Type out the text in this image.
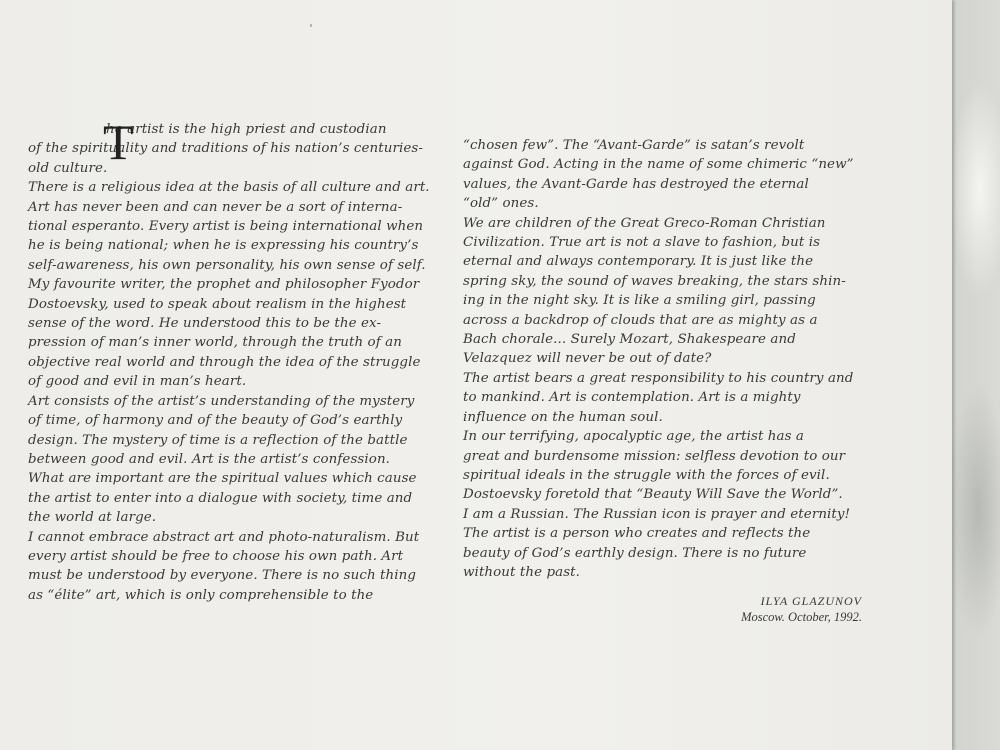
T
he artist is the high priest and custodian
of the spirituality and traditions of his nation’s centuries-
old culture.
There is a religious idea at the basis of all culture and art.
Art has never been and can never be a sort of interna-
tional esperanto. Every artist is being international when
he is being national; when he is expressing his country’s
self-awareness, his own personality, his own sense of self.
My favourite writer, the prophet and philosopher Fyodor
Dostoevsky, used to speak about realism in the highest
sense of the word. He understood this to be the ex-
pression of man’s inner world, through the truth of an
objective real world and through the idea of the struggle
of good and evil in man’s heart.
Art consists of the artist’s understanding of the mystery
of time, of harmony and of the beauty of God’s earthly
design. The mystery of time is a reflection of the battle
between good and evil. Art is the artist’s confession.
What are important are the spiritual values which cause
the artist to enter into a dialogue with society, time and
the world at large.
I cannot embrace abstract art and photo-naturalism. But
every artist should be free to choose his own path. Art
must be understood by everyone. There is no such thing
as “élite” art, which is only comprehensible to the
“chosen few”. The “Avant-Garde” is satan’s revolt
against God. Acting in the name of some chimeric “new”
values, the Avant-Garde has destroyed the eternal
“old” ones.
We are children of the Great Greco-Roman Christian
Civilization. True art is not a slave to fashion, but is
eternal and always contemporary. It is just like the
spring sky, the sound of waves breaking, the stars shin-
ing in the night sky. It is like a smiling girl, passing
across a backdrop of clouds that are as mighty as a
Bach chorale... Surely Mozart, Shakespeare and
Velazquez will never be out of date?
The artist bears a great responsibility to his country and
to mankind. Art is contemplation. Art is a mighty
influence on the human soul.
In our terrifying, apocalyptic age, the artist has a
great and burdensome mission: selfless devotion to our
spiritual ideals in the struggle with the forces of evil.
Dostoevsky foretold that “Beauty Will Save the World”.
I am a Russian. The Russian icon is prayer and eternity!
The artist is a person who creates and reflects the
beauty of God’s earthly design. There is no future
without the past.
ILYA GLAZUNOV
Moscow. October, 1992.
